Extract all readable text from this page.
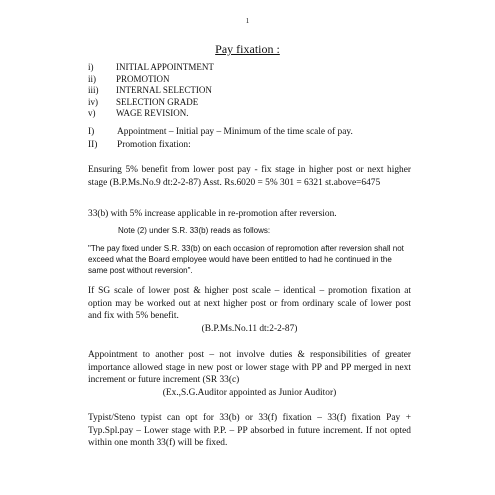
1
Pay fixation :
i)	INITIAL APPOINTMENT
ii)	PROMOTION
iii)	INTERNAL SELECTION
iv)	SELECTION GRADE
v)	WAGE REVISION.
I)	Appointment – Initial pay – Minimum of the time scale of pay.
II)	Promotion fixation:
Ensuring 5% benefit from lower post pay - fix stage in higher post or next higher stage (B.P.Ms.No.9 dt:2-2-87) Asst. Rs.6020 = 5% 301 = 6321 st.above=6475
33(b) with 5% increase applicable in re-promotion after reversion.
Note (2) under S.R. 33(b) reads as follows:
"The pay fixed under S.R. 33(b) on each occasion of repromotion after reversion shall not exceed what the Board employee would have been entitled to had he continued in the same post without reversion".
If SG scale of lower post & higher post scale – identical – promotion fixation at option may be worked out at next higher post or from ordinary scale of lower post and fix with 5% benefit.
(B.P.Ms.No.11 dt:2-2-87)
Appointment to another post – not involve duties & responsibilities of greater importance allowed stage in new post or lower stage with PP and PP merged in next increment or future increment (SR 33(c)
(Ex.,S.G.Auditor appointed as Junior Auditor)
Typist/Steno typist can opt for 33(b) or 33(f) fixation – 33(f) fixation Pay + Typ.Spl.pay – Lower stage with P.P. – PP absorbed in future increment. If not opted within one month 33(f) will be fixed.
